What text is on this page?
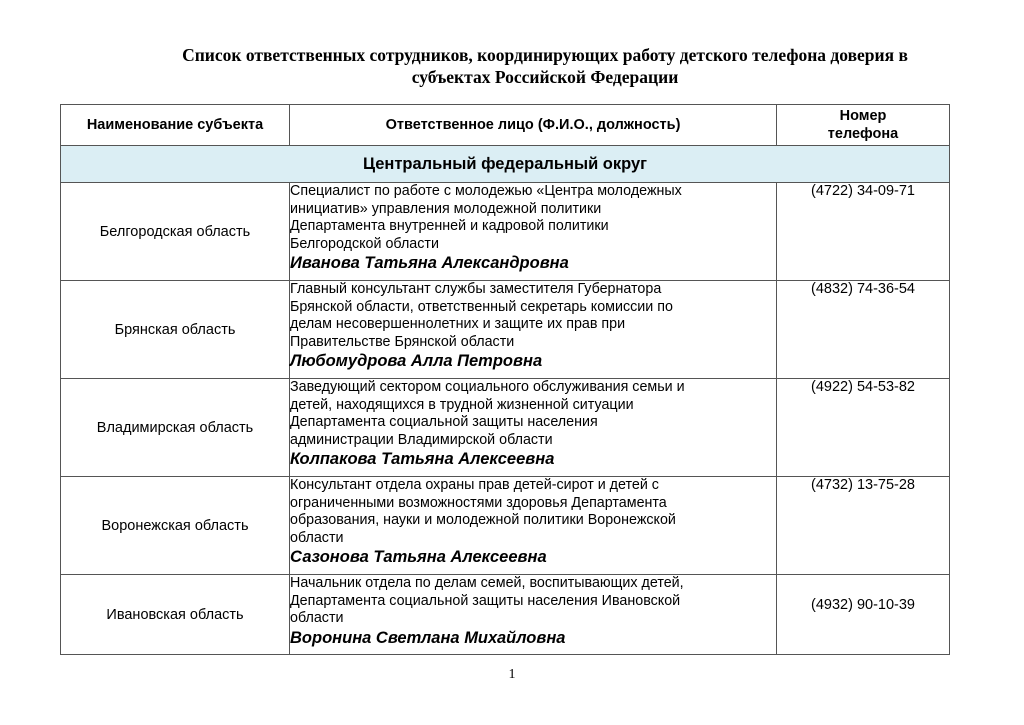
Список ответственных сотрудников, координирующих работу детского телефона доверия в
субъектах Российской Федерации
Наименование субъекта	Ответственное лицо (Ф.И.О., должность)	Номер
телефона
Центральный федеральный округ		
Белгородская область	Специалист по работе с молодежью «Центра молодежных
инициатив» управления молодежной политики
Департамента внутренней и кадровой политики
Белгородской области
Иванова Татьяна Александровна	(4722) 34-09-71
Брянская область	Главный консультант службы заместителя Губернатора
Брянской области, ответственный секретарь комиссии по
делам несовершеннолетних и защите их прав при
Правительстве Брянской области
Любомудрова Алла Петровна	(4832) 74-36-54
Владимирская область	Заведующий сектором социального обслуживания семьи и
детей, находящихся в трудной жизненной ситуации
Департамента социальной защиты населения
администрации Владимирской области
Колпакова Татьяна Алексеевна	(4922) 54-53-82
Воронежская область	Консультант отдела охраны прав детей-сирот и детей с
ограниченными возможностями здоровья Департамента
образования, науки и молодежной политики Воронежской
области
Сазонова Татьяна Алексеевна	(4732) 13-75-28
Ивановская область	Начальник отдела по делам семей, воспитывающих детей,
Департамента социальной защиты населения Ивановской
области
Воронина Светлана Михайловна	(4932) 90-10-39
1
